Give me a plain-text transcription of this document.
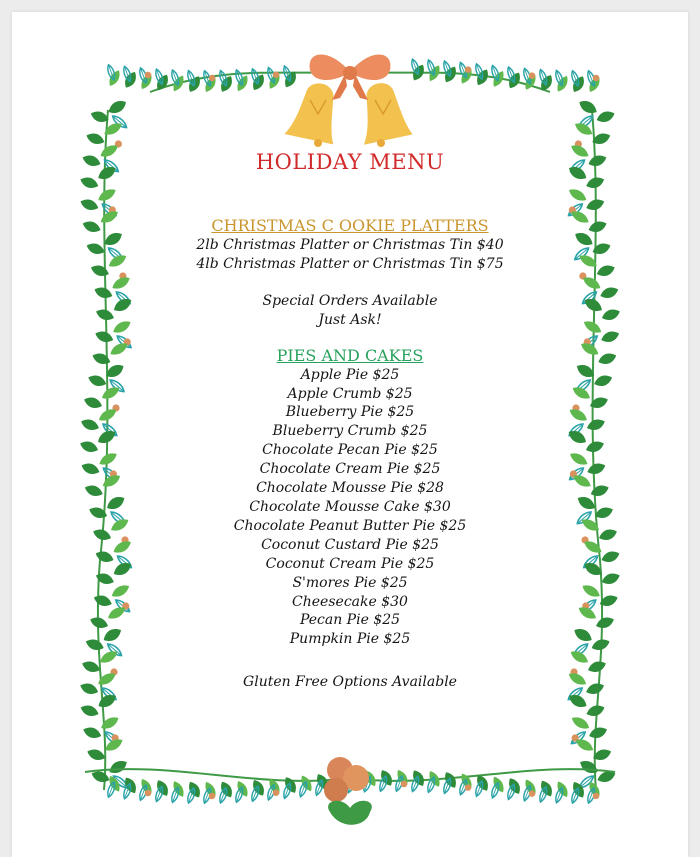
HOLIDAY MENU
CHRISTMAS C OOKIE PLATTERS
2lb Christmas Platter or Christmas Tin $40
4lb Christmas Platter or Christmas Tin $75
Special Orders Available
Just Ask!
PIES AND CAKES
Apple Pie $25
Apple Crumb $25
Blueberry Pie $25
Blueberry Crumb $25
Chocolate Pecan Pie $25
Chocolate Cream Pie $25
Chocolate Mousse Pie $28
Chocolate Mousse Cake $30
Chocolate Peanut Butter Pie $25
Coconut Custard Pie $25
Coconut Cream Pie $25
S'mores Pie $25
Cheesecake $30
Pecan Pie $25
Pumpkin Pie $25
Gluten Free Options Available
